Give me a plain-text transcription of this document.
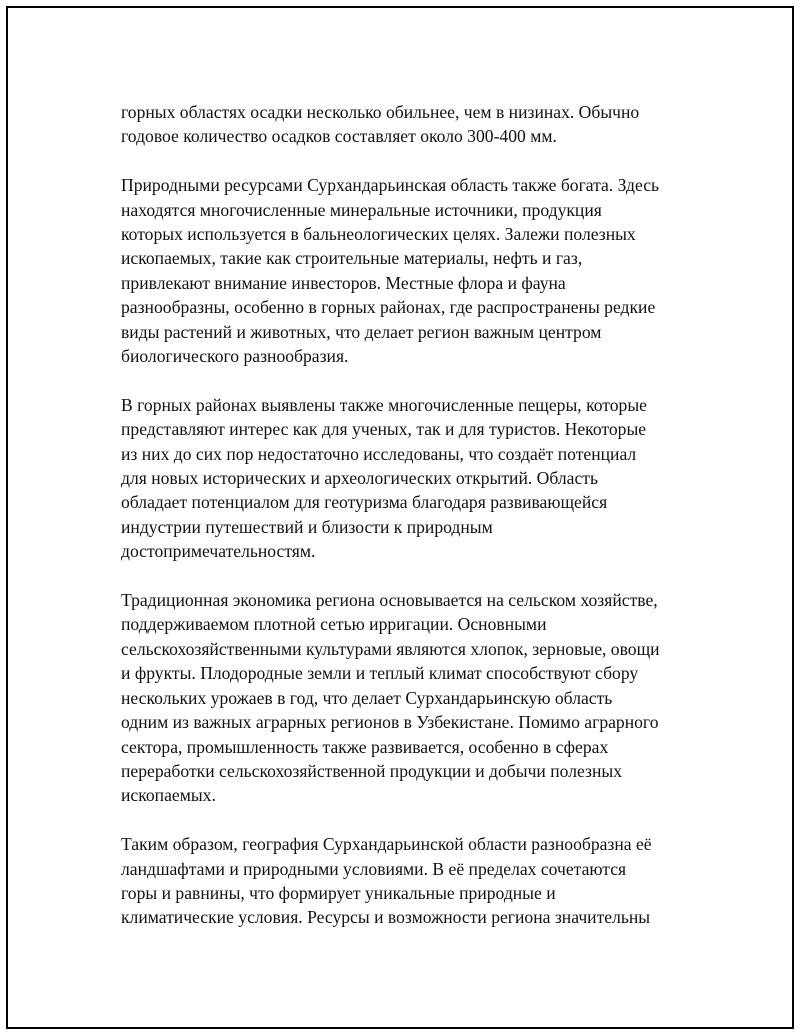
горных областях осадки несколько обильнее, чем в низинах. Обычно
годовое количество осадков составляет около 300-400 мм.

Природными ресурсами Сурхандарьинская область также богата. Здесь
находятся многочисленные минеральные источники, продукция
которых используется в бальнеологических целях. Залежи полезных
ископаемых, такие как строительные материалы, нефть и газ,
привлекают внимание инвесторов. Местные флора и фауна
разнообразны, особенно в горных районах, где распространены редкие
виды растений и животных, что делает регион важным центром
биологического разнообразия.

В горных районах выявлены также многочисленные пещеры, которые
представляют интерес как для ученых, так и для туристов. Некоторые
из них до сих пор недостаточно исследованы, что создаёт потенциал
для новых исторических и археологических открытий. Область
обладает потенциалом для геотуризма благодаря развивающейся
индустрии путешествий и близости к природным
достопримечательностям.

Традиционная экономика региона основывается на сельском хозяйстве,
поддерживаемом плотной сетью ирригации. Основными
сельскохозяйственными культурами являются хлопок, зерновые, овощи
и фрукты. Плодородные земли и теплый климат способствуют сбору
нескольких урожаев в год, что делает Сурхандарьинскую область
одним из важных аграрных регионов в Узбекистане. Помимо аграрного
сектора, промышленность также развивается, особенно в сферах
переработки сельскохозяйственной продукции и добычи полезных
ископаемых.

Таким образом, география Сурхандарьинской области разнообразна её
ландшафтами и природными условиями. В её пределах сочетаются
горы и равнины, что формирует уникальные природные и
климатические условия. Ресурсы и возможности региона значительны
